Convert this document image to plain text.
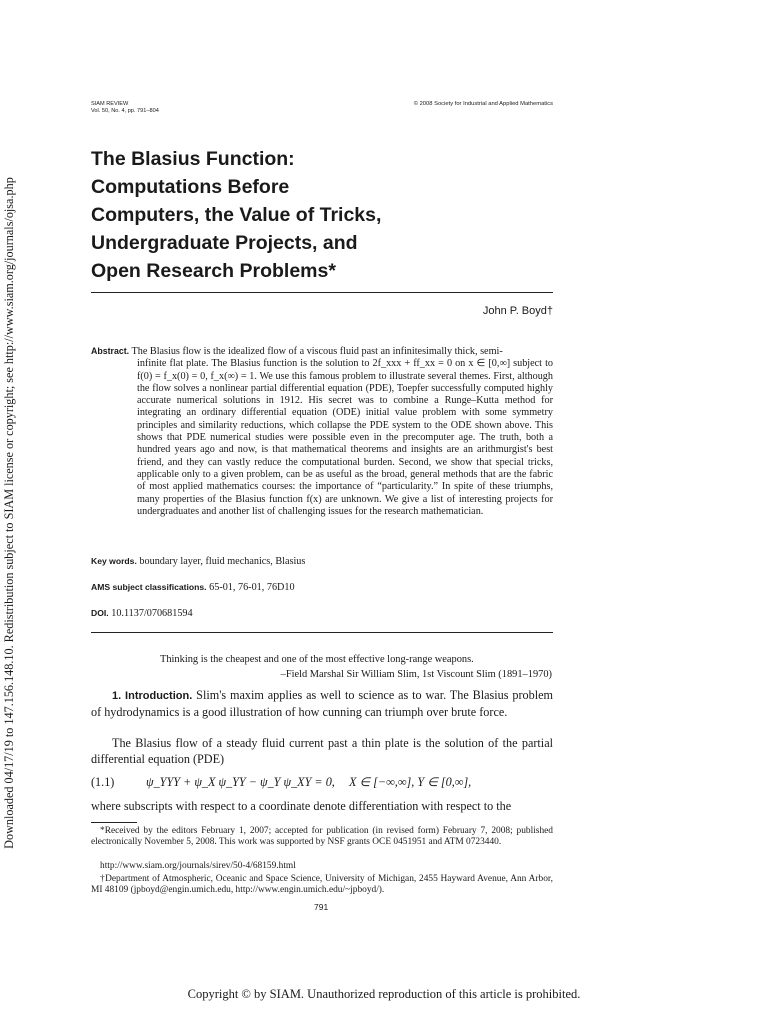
Downloaded 04/17/19 to 147.156.148.10. Redistribution subject to SIAM license or copyright; see http://www.siam.org/journals/ojsa.php
SIAM REVIEW
Vol. 50, No. 4, pp. 791–804
© 2008 Society for Industrial and Applied Mathematics
The Blasius Function:
Computations Before
Computers, the Value of Tricks,
Undergraduate Projects, and
Open Research Problems*
John P. Boyd†
Abstract. The Blasius flow is the idealized flow of a viscous fluid past an infinitesimally thick, semi-
infinite flat plate. The Blasius function is the solution to 2f_xxx + ff_xx = 0 on x ∈ [0,∞] subject to f(0) = f_x(0) = 0, f_x(∞) = 1. We use this famous problem to illustrate several themes. First, although the flow solves a nonlinear partial differential equation (PDE), Toepfer successfully computed highly accurate numerical solutions in 1912. His secret was to combine a Runge–Kutta method for integrating an ordinary differential equation (ODE) initial value problem with some symmetry principles and similarity reductions, which collapse the PDE system to the ODE shown above. This shows that PDE numerical studies were possible even in the precomputer age. The truth, both a hundred years ago and now, is that mathematical theorems and insights are an arithmurgist's best friend, and they can vastly reduce the computational burden. Second, we show that special tricks, applicable only to a given problem, can be as useful as the broad, general methods that are the fabric of most applied mathematics courses: the importance of “particularity.” In spite of these triumphs, many properties of the Blasius function f(x) are unknown. We give a list of interesting projects for undergraduates and another list of challenging issues for the research mathematician.
Key words. boundary layer, fluid mechanics, Blasius
AMS subject classifications. 65-01, 76-01, 76D10
DOI. 10.1137/070681594
Thinking is the cheapest and one of the most effective long-range weapons.
–Field Marshal Sir William Slim, 1st Viscount Slim (1891–1970)
1. Introduction. Slim's maxim applies as well to science as to war. The Blasius problem of hydrodynamics is a good illustration of how cunning can triumph over brute force.
The Blasius flow of a steady fluid current past a thin plate is the solution of the partial differential equation (PDE)
(1.1)	ψ_YYY + ψ_X ψ_YY − ψ_Y ψ_XY = 0, X ∈ [−∞,∞], Y ∈ [0,∞],
where subscripts with respect to a coordinate denote differentiation with respect to the
*Received by the editors February 1, 2007; accepted for publication (in revised form) February 7, 2008; published electronically November 5, 2008. This work was supported by NSF grants OCE 0451951 and ATM 0723440.
http://www.siam.org/journals/sirev/50-4/68159.html
†Department of Atmospheric, Oceanic and Space Science, University of Michigan, 2455 Hayward Avenue, Ann Arbor, MI 48109 (jpboyd@engin.umich.edu, http://www.engin.umich.edu/~jpboyd/).
791
Copyright © by SIAM. Unauthorized reproduction of this article is prohibited.
